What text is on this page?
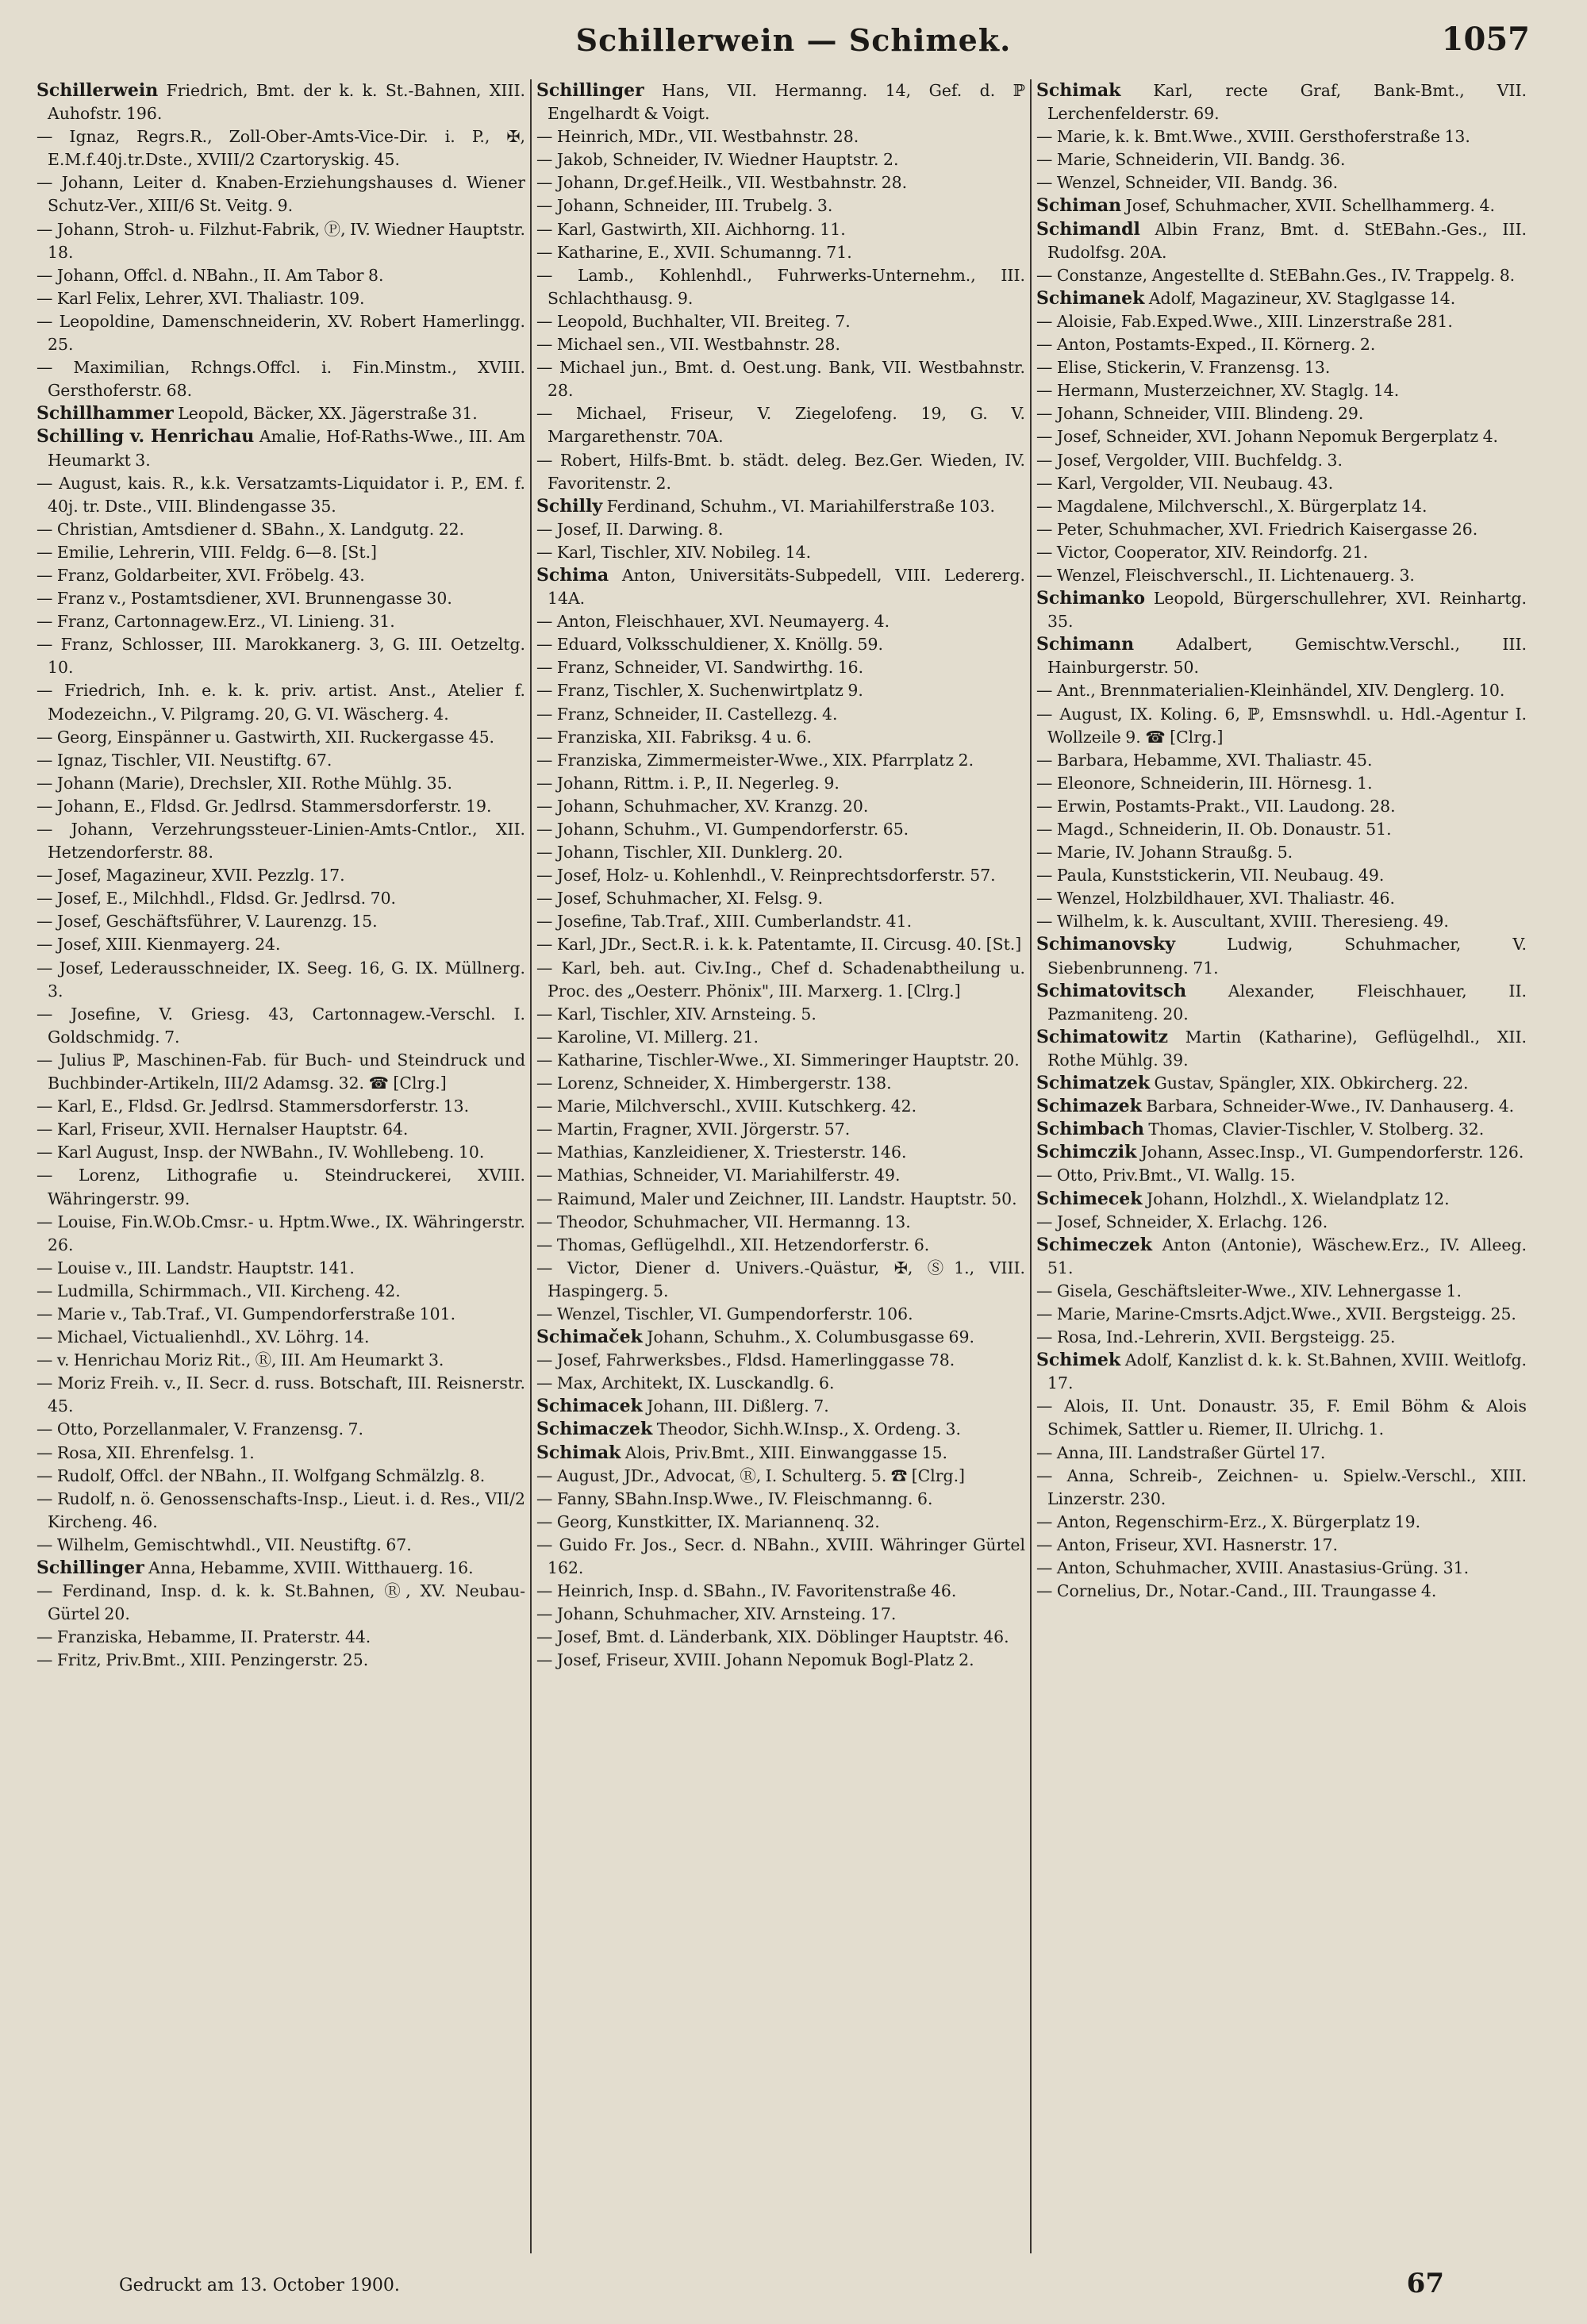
Schillerwein — Schimek.	1057

Schillerwein Friedrich, Bmt. der k. k. St.-Bahnen, XIII. Auhofstr. 196.

— Ignaz, Regrs.R., Zoll-Ober-Amts-Vice-Dir. i. P., ✠, E.M.f.40j.tr.Dste., XVIII/2 Czartoryskig. 45.

— Johann, Leiter d. Knaben-Erziehungshauses d. Wiener Schutz-Ver., XIII/6 St. Veitg. 9.

— Johann, Stroh- u. Filzhut-Fabrik, Ⓟ, IV. Wiedner Hauptstr. 18.

— Johann, Offcl. d. NBahn., II. Am Tabor 8.

— Karl Felix, Lehrer, XVI. Thaliastr. 109.

— Leopoldine, Damenschneiderin, XV. Robert Hamerlingg. 25.

— Maximilian, Rchngs.Offcl. i. Fin.Minstm., XVIII. Gersthoferstr. 68.

Schillhammer Leopold, Bäcker, XX. Jägerstraße 31.

Schilling v. Henrichau Amalie, Hof-Raths-Wwe., III. Am Heumarkt 3.

— August, kais. R., k.k. Versatzamts-Liquidator i. P., EM. f. 40j. tr. Dste., VIII. Blindengasse 35.

— Christian, Amtsdiener d. SBahn., X. Landgutg. 22.

— Emilie, Lehrerin, VIII. Feldg. 6—8. [St.]

— Franz, Goldarbeiter, XVI. Fröbelg. 43.

— Franz v., Postamtsdiener, XVI. Brunnengasse 30.

— Franz, Cartonnagew.Erz., VI. Linieng. 31.

— Franz, Schlosser, III. Marokkanerg. 3, G. III. Oetzeltg. 10.

— Friedrich, Inh. e. k. k. priv. artist. Anst., Atelier f. Modezeichn., V. Pilgramg. 20, G. VI. Wäscherg. 4.

— Georg, Einspänner u. Gastwirth, XII. Ruckergasse 45.

— Ignaz, Tischler, VII. Neustiftg. 67.

— Johann (Marie), Drechsler, XII. Rothe Mühlg. 35.

— Johann, E., Fldsd. Gr. Jedlrsd. Stammersdorferstr. 19.

— Johann, Verzehrungssteuer-Linien-Amts-Cntlor., XII. Hetzendorferstr. 88.

— Josef, Magazineur, XVII. Pezzlg. 17.

— Josef, E., Milchhdl., Fldsd. Gr. Jedlrsd. 70.

— Josef, Geschäftsführer, V. Laurenzg. 15.

— Josef, XIII. Kienmayerg. 24.

— Josef, Lederausschneider, IX. Seeg. 16, G. IX. Müllnerg. 3.

— Josefine, V. Griesg. 43, Cartonnagew.-Verschl. I. Goldschmidg. 7.

— Julius ℙ, Maschinen-Fab. für Buch- und Steindruck und Buchbinder-Artikeln, III/2 Adamsg. 32. ☎ [Clrg.]

— Karl, E., Fldsd. Gr. Jedlrsd. Stammersdorferstr. 13.

— Karl, Friseur, XVII. Hernalser Hauptstr. 64.

— Karl August, Insp. der NWBahn., IV. Wohllebeng. 10.

— Lorenz, Lithografie u. Steindruckerei, XVIII. Währingerstr. 99.

— Louise, Fin.W.Ob.Cmsr.- u. Hptm.Wwe., IX. Währingerstr. 26.

— Louise v., III. Landstr. Hauptstr. 141.

— Ludmilla, Schirmmach., VII. Kircheng. 42.

— Marie v., Tab.Traf., VI. Gumpendorferstraße 101.

— Michael, Victualienhdl., XV. Löhrg. 14.

— v. Henrichau Moriz Rit., Ⓡ, III. Am Heumarkt 3.

— Moriz Freih. v., II. Secr. d. russ. Botschaft, III. Reisnerstr. 45.

— Otto, Porzellanmaler, V. Franzensg. 7.

— Rosa, XII. Ehrenfelsg. 1.

— Rudolf, Offcl. der NBahn., II. Wolfgang Schmälzlg. 8.

— Rudolf, n. ö. Genossenschafts-Insp., Lieut. i. d. Res., VII/2 Kircheng. 46.

— Wilhelm, Gemischtwhdl., VII. Neustiftg. 67.

Schillinger Anna, Hebamme, XVIII. Witthauerg. 16.

— Ferdinand, Insp. d. k. k. St.Bahnen, Ⓡ, XV. Neubau-Gürtel 20.

— Franziska, Hebamme, II. Praterstr. 44.

— Fritz, Priv.Bmt., XIII. Penzingerstr. 25.

Schillinger Hans, VII. Hermanng. 14, Gef. d. ℙ Engelhardt & Voigt.

— Heinrich, MDr., VII. Westbahnstr. 28.

— Jakob, Schneider, IV. Wiedner Hauptstr. 2.

— Johann, Dr.gef.Heilk., VII. Westbahnstr. 28.

— Johann, Schneider, III. Trubelg. 3.

— Karl, Gastwirth, XII. Aichhorng. 11.

— Katharine, E., XVII. Schumanng. 71.

— Lamb., Kohlenhdl., Fuhrwerks-Unternehm., III. Schlachthausg. 9.

— Leopold, Buchhalter, VII. Breiteg. 7.

— Michael sen., VII. Westbahnstr. 28.

— Michael jun., Bmt. d. Oest.ung. Bank, VII. Westbahnstr. 28.

— Michael, Friseur, V. Ziegelofeng. 19, G. V. Margarethenstr. 70A.

— Robert, Hilfs-Bmt. b. städt. deleg. Bez.Ger. Wieden, IV. Favoritenstr. 2.

Schilly Ferdinand, Schuhm., VI. Mariahilferstraße 103.

— Josef, II. Darwing. 8.

— Karl, Tischler, XIV. Nobileg. 14.

Schima Anton, Universitäts-Subpedell, VIII. Ledererg. 14A.

— Anton, Fleischhauer, XVI. Neumayerg. 4.

— Eduard, Volksschuldiener, X. Knöllg. 59.

— Franz, Schneider, VI. Sandwirthg. 16.

— Franz, Tischler, X. Suchenwirtplatz 9.

— Franz, Schneider, II. Castellezg. 4.

— Franziska, XII. Fabriksg. 4 u. 6.

— Franziska, Zimmermeister-Wwe., XIX. Pfarrplatz 2.

— Johann, Rittm. i. P., II. Negerleg. 9.

— Johann, Schuhmacher, XV. Kranzg. 20.

— Johann, Schuhm., VI. Gumpendorferstr. 65.

— Johann, Tischler, XII. Dunklerg. 20.

— Josef, Holz- u. Kohlenhdl., V. Reinprechtsdorferstr. 57.

— Josef, Schuhmacher, XI. Felsg. 9.

— Josefine, Tab.Traf., XIII. Cumberlandstr. 41.

— Karl, JDr., Sect.R. i. k. k. Patentamte, II. Circusg. 40. [St.]

— Karl, beh. aut. Civ.Ing., Chef d. Schadenabtheilung u. Proc. des „Oesterr. Phönix", III. Marxerg. 1. [Clrg.]

— Karl, Tischler, XIV. Arnsteing. 5.

— Karoline, VI. Millerg. 21.

— Katharine, Tischler-Wwe., XI. Simmeringer Hauptstr. 20.

— Lorenz, Schneider, X. Himbergerstr. 138.

— Marie, Milchverschl., XVIII. Kutschkerg. 42.

— Martin, Fragner, XVII. Jörgerstr. 57.

— Mathias, Kanzleidiener, X. Triesterstr. 146.

— Mathias, Schneider, VI. Mariahilferstr. 49.

— Raimund, Maler und Zeichner, III. Landstr. Hauptstr. 50.

— Theodor, Schuhmacher, VII. Hermanng. 13.

— Thomas, Geflügelhdl., XII. Hetzendorferstr. 6.

— Victor, Diener d. Univers.-Quästur, ✠, Ⓢ1., VIII. Haspingerg. 5.

— Wenzel, Tischler, VI. Gumpendorferstr. 106.

Schimaček Johann, Schuhm., X. Columbusgasse 69.

— Josef, Fahrwerksbes., Fldsd. Hamerlinggasse 78.

— Max, Architekt, IX. Lusckandlg. 6.

Schimacek Johann, III. Dißlerg. 7.

Schimaczek Theodor, Sichh.W.Insp., X. Ordeng. 3.

Schimak Alois, Priv.Bmt., XIII. Einwanggasse 15.

— August, JDr., Advocat, Ⓡ, I. Schulterg. 5. ☎ [Clrg.]

— Fanny, SBahn.Insp.Wwe., IV. Fleischmanng. 6.

— Georg, Kunstkitter, IX. Mariannenq. 32.

— Guido Fr. Jos., Secr. d. NBahn., XVIII. Währinger Gürtel 162.

— Heinrich, Insp. d. SBahn., IV. Favoritenstraße 46.

— Johann, Schuhmacher, XIV. Arnsteing. 17.

— Josef, Bmt. d. Länderbank, XIX. Döblinger Hauptstr. 46.

— Josef, Friseur, XVIII. Johann Nepomuk Bogl-Platz 2.

Schimak Karl, recte Graf, Bank-Bmt., VII. Lerchenfelderstr. 69.

— Marie, k. k. Bmt.Wwe., XVIII. Gersthoferstraße 13.

— Marie, Schneiderin, VII. Bandg. 36.

— Wenzel, Schneider, VII. Bandg. 36.

Schiman Josef, Schuhmacher, XVII. Schellhammerg. 4.

Schimandl Albin Franz, Bmt. d. StEBahn.-Ges., III. Rudolfsg. 20A.

— Constanze, Angestellte d. StEBahn.Ges., IV. Trappelg. 8.

Schimanek Adolf, Magazineur, XV. Staglgasse 14.

— Aloisie, Fab.Exped.Wwe., XIII. Linzerstraße 281.

— Anton, Postamts-Exped., II. Körnerg. 2.

— Elise, Stickerin, V. Franzensg. 13.

— Hermann, Musterzeichner, XV. Staglg. 14.

— Johann, Schneider, VIII. Blindeng. 29.

— Josef, Schneider, XVI. Johann Nepomuk Bergerplatz 4.

— Josef, Vergolder, VIII. Buchfeldg. 3.

— Karl, Vergolder, VII. Neubaug. 43.

— Magdalene, Milchverschl., X. Bürgerplatz 14.

— Peter, Schuhmacher, XVI. Friedrich Kaisergasse 26.

— Victor, Cooperator, XIV. Reindorfg. 21.

— Wenzel, Fleischverschl., II. Lichtenauerg. 3.

Schimanko Leopold, Bürgerschullehrer, XVI. Reinhartg. 35.

Schimann Adalbert, Gemischtw.Verschl., III. Hainburgerstr. 50.

— Ant., Brennmaterialien-Kleinhändel, XIV. Denglerg. 10.

— August, IX. Koling. 6, ℙ, Emsnswhdl. u. Hdl.-Agentur I. Wollzeile 9. ☎ [Clrg.]

— Barbara, Hebamme, XVI. Thaliastr. 45.

— Eleonore, Schneiderin, III. Hörnesg. 1.

— Erwin, Postamts-Prakt., VII. Laudong. 28.

— Magd., Schneiderin, II. Ob. Donaustr. 51.

— Marie, IV. Johann Straußg. 5.

— Paula, Kunststickerin, VII. Neubaug. 49.

— Wenzel, Holzbildhauer, XVI. Thaliastr. 46.

— Wilhelm, k. k. Auscultant, XVIII. Theresieng. 49.

Schimanovsky Ludwig, Schuhmacher, V. Siebenbrunneng. 71.

Schimatovitsch Alexander, Fleischhauer, II. Pazmaniteng. 20.

Schimatowitz Martin (Katharine), Geflügelhdl., XII. Rothe Mühlg. 39.

Schimatzek Gustav, Spängler, XIX. Obkircherg. 22.

Schimazek Barbara, Schneider-Wwe., IV. Danhauserg. 4.

Schimbach Thomas, Clavier-Tischler, V. Stolberg. 32.

Schimczik Johann, Assec.Insp., VI. Gumpendorferstr. 126.

— Otto, Priv.Bmt., VI. Wallg. 15.

Schimecek Johann, Holzhdl., X. Wielandplatz 12.

— Josef, Schneider, X. Erlachg. 126.

Schimeczek Anton (Antonie), Wäschew.Erz., IV. Alleeg. 51.

— Gisela, Geschäftsleiter-Wwe., XIV. Lehnergasse 1.

— Marie, Marine-Cmsrts.Adjct.Wwe., XVII. Bergsteigg. 25.

— Rosa, Ind.-Lehrerin, XVII. Bergsteigg. 25.

Schimek Adolf, Kanzlist d. k. k. St.Bahnen, XVIII. Weitlofg. 17.

— Alois, II. Unt. Donaustr. 35, F. Emil Böhm & Alois Schimek, Sattler u. Riemer, II. Ulrichg. 1.

— Anna, III. Landstraßer Gürtel 17.

— Anna, Schreib-, Zeichnen- u. Spielw.-Verschl., XIII. Linzerstr. 230.

— Anton, Regenschirm-Erz., X. Bürgerplatz 19.

— Anton, Friseur, XVI. Hasnerstr. 17.

— Anton, Schuhmacher, XVIII. Anastasius-Grüng. 31.

— Cornelius, Dr., Notar.-Cand., III. Traungasse 4.

Gedruckt am 13. October 1900.	67
